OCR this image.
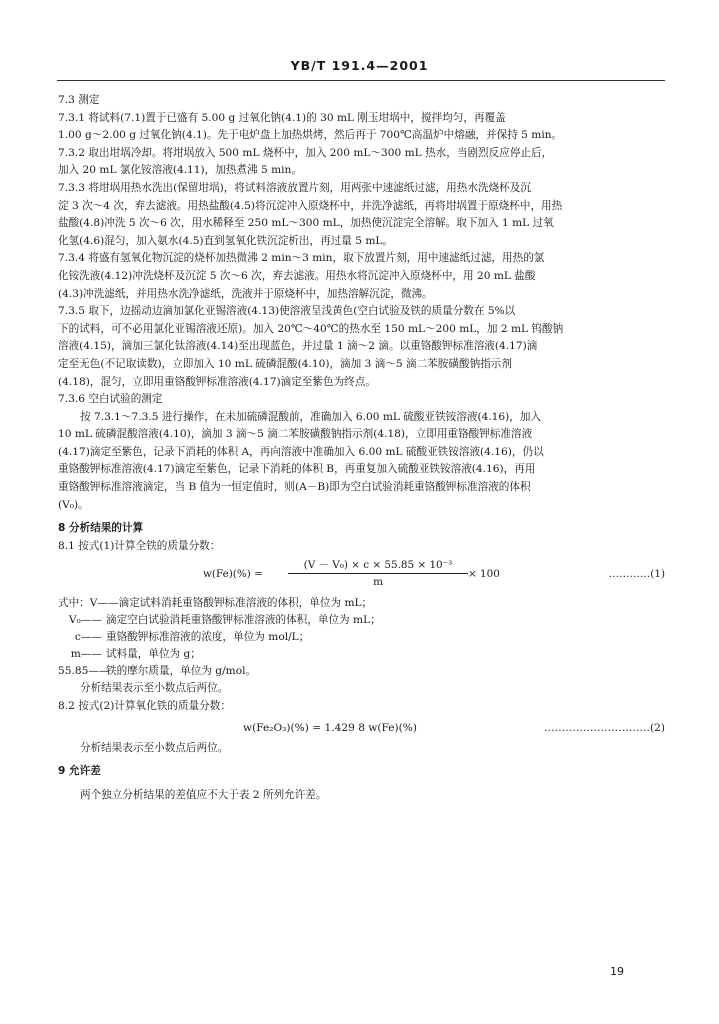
YB/T 191.4—2001
7.3 测定
7.3.1 将试料(7.1)置于已盛有 5.00 g 过氧化钠(4.1)的 30 mL 刚玉坩埚中，搅拌均匀，再覆盖
1.00 g～2.00 g 过氧化钠(4.1)。先于电炉盘上加热烘烤，然后再于 700℃高温炉中熔融，并保持 5 min。
7.3.2 取出坩埚冷却。将坩埚放入 500 mL 烧杯中，加入 200 mL～300 mL 热水，当剧烈反应停止后，
加入 20 mL 氯化铵溶液(4.11)，加热煮沸 5 min。
7.3.3 将坩埚用热水洗出(保留坩埚)，将试料溶液放置片刻，用两张中速滤纸过滤，用热水洗烧杯及沉
淀 3 次～4 次，弃去滤液。用热盐酸(4.5)将沉淀冲入原烧杯中，并洗净滤纸，再将坩埚置于原烧杯中，用热
盐酸(4.8)冲洗 5 次～6 次，用水稀释至 250 mL～300 mL，加热使沉淀完全溶解。取下加入 1 mL 过氧
化氢(4.6)混匀，加入氨水(4.5)直到氢氧化铁沉淀析出，再过量 5 mL。
7.3.4 将盛有氢氧化物沉淀的烧杯加热微沸 2 min～3 min，取下放置片刻，用中速滤纸过滤，用热的氯
化铵洗液(4.12)冲洗烧杯及沉淀 5 次～6 次，弃去滤液。用热水将沉淀冲入原烧杯中，用 20 mL 盐酸
(4.3)冲洗滤纸，并用热水洗净滤纸，洗液并于原烧杯中，加热溶解沉淀，微沸。
7.3.5 取下，边摇动边滴加氯化亚锡溶液(4.13)使溶液呈浅黄色(空白试验及铁的质量分数在 5%以
下的试料，可不必用氯化亚锡溶液还原)。加入 20℃～40℃的热水至 150 mL～200 mL，加 2 mL 钨酸钠
溶液(4.15)，滴加三氯化钛溶液(4.14)至出现蓝色，并过量 1 滴～2 滴。以重铬酸钾标准溶液(4.17)滴
定至无色(不记取读数)，立即加入 10 mL 硫磷混酸(4.10)，滴加 3 滴～5 滴二苯胺磺酸钠指示剂
(4.18)，混匀，立即用重铬酸钾标准溶液(4.17)滴定至紫色为终点。
7.3.6 空白试验的测定
按 7.3.1～7.3.5 进行操作，在未加硫磷混酸前，准确加入 6.00 mL 硫酸亚铁铵溶液(4.16)，加入
10 mL 硫磷混酸溶液(4.10)，滴加 3 滴～5 滴二苯胺磺酸钠指示剂(4.18)，立即用重铬酸钾标准溶液
(4.17)滴定至紫色，记录下消耗的体积 A，再向溶液中准确加入 6.00 mL 硫酸亚铁铵溶液(4.16)，仍以
重铬酸钾标准溶液(4.17)滴定至紫色，记录下消耗的体积 B，再重复加入硫酸亚铁铵溶液(4.16)，再用
重铬酸钾标准溶液滴定，当 B 值为一恒定值时，则(A－B)即为空白试验消耗重铬酸钾标准溶液的体积
(V₀)。
8 分析结果的计算
8.1 按式(1)计算全铁的质量分数：
$w(Fe)(\%) = \frac{\text{(V － V₀) × c × 55.85 × 10⁻³}}{m} \times 100$	…………(1)
式中：V——滴定试料消耗重铬酸钾标准溶液的体积，单位为 mL；
V₀—— 滴定空白试验消耗重铬酸钾标准溶液的体积，单位为 mL；
c—— 重铬酸钾标准溶液的浓度，单位为 mol/L；
m—— 试料量，单位为 g；
55.85——铁的摩尔质量，单位为 g/mol。
分析结果表示至小数点后两位。
8.2 按式(2)计算氧化铁的质量分数：
w(Fe₂O₃)(%) = 1.429 8 w(Fe)(%)	…………………………(2)
分析结果表示至小数点后两位。
9 允许差
两个独立分析结果的差值应不大于表 2 所列允许差。
19
